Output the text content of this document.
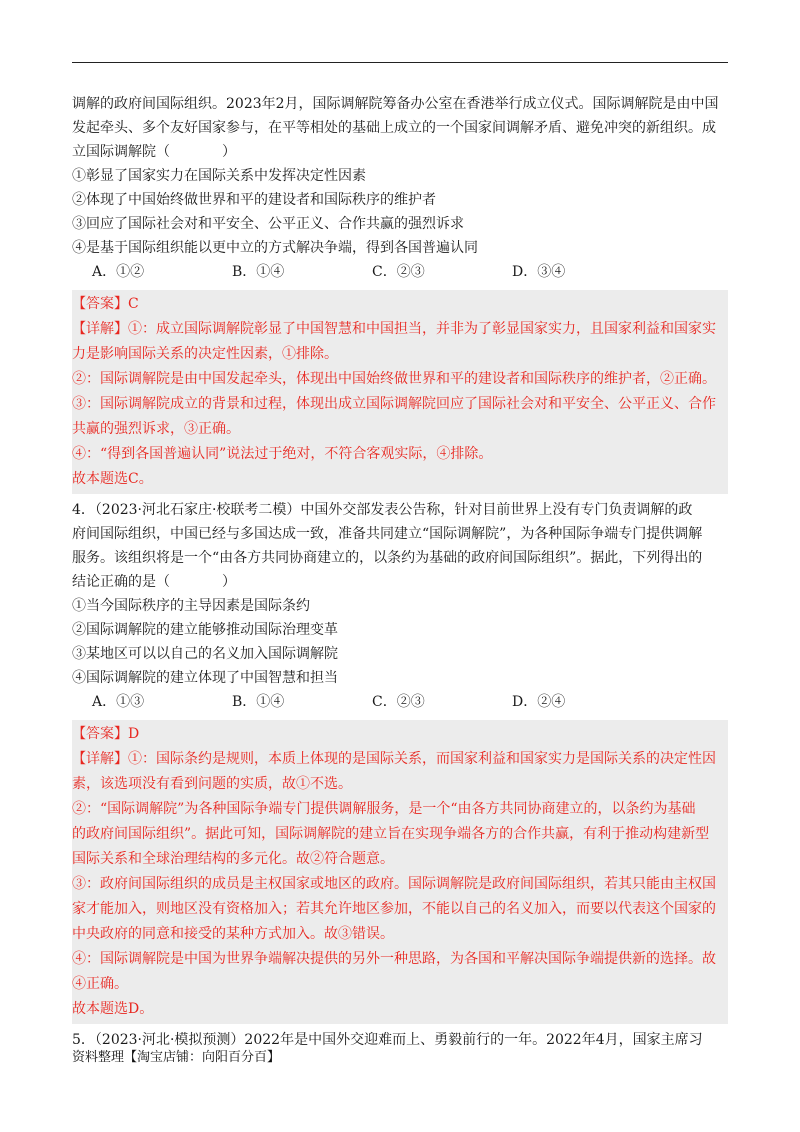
调解的政府间国际组织。2023年2月，国际调解院筹备办公室在香港举行成立仪式。国际调解院是由中国

发起牵头、多个友好国家参与，在平等相处的基础上成立的一个国家间调解矛盾、避免冲突的新组织。成

立国际调解院（	）

①彰显了国家实力在国际关系中发挥决定性因素

②体现了中国始终做世界和平的建设者和国际秩序的维护者

③回应了国际社会对和平安全、公平正义、合作共赢的强烈诉求

④是基于国际组织能以更中立的方式解决争端，得到各国普遍认同

A．①②	B．①④	C．②③	D．③④

【答案】C

【详解】①：成立国际调解院彰显了中国智慧和中国担当，并非为了彰显国家实力，且国家利益和国家实

力是影响国际关系的决定性因素，①排除。

②：国际调解院是由中国发起牵头，体现出中国始终做世界和平的建设者和国际秩序的维护者，②正确。

③：国际调解院成立的背景和过程，体现出成立国际调解院回应了国际社会对和平安全、公平正义、合作

共赢的强烈诉求，③正确。

④：“得到各国普遍认同”说法过于绝对，不符合客观实际，④排除。

故本题选C。

4．（2023·河北石家庄·校联考二模）中国外交部发表公告称，针对目前世界上没有专门负责调解的政

府间国际组织，中国已经与多国达成一致，准备共同建立“国际调解院”，为各种国际争端专门提供调解

服务。该组织将是一个“由各方共同协商建立的，以条约为基础的政府间国际组织”。据此，下列得出的

结论正确的是（	）

①当今国际秩序的主导因素是国际条约

②国际调解院的建立能够推动国际治理变革

③某地区可以以自己的名义加入国际调解院

④国际调解院的建立体现了中国智慧和担当

A．①③	B．①④	C．②③	D．②④

【答案】D

【详解】①：国际条约是规则，本质上体现的是国际关系，而国家利益和国家实力是国际关系的决定性因

素，该选项没有看到问题的实质，故①不选。

②：“国际调解院”为各种国际争端专门提供调解服务，是一个“由各方共同协商建立的，以条约为基础

的政府间国际组织”。据此可知，国际调解院的建立旨在实现争端各方的合作共赢，有利于推动构建新型

国际关系和全球治理结构的多元化。故②符合题意。

③：政府间国际组织的成员是主权国家或地区的政府。国际调解院是政府间国际组织，若其只能由主权国

家才能加入，则地区没有资格加入；若其允许地区参加，不能以自己的名义加入，而要以代表这个国家的

中央政府的同意和接受的某种方式加入。故③错误。

④：国际调解院是中国为世界争端解决提供的另外一种思路，为各国和平解决国际争端提供新的选择。故

④正确。

故本题选D。

5．（2023·河北·模拟预测）2022年是中国外交迎难而上、勇毅前行的一年。2022年4月，国家主席习

资料整理【淘宝店铺：向阳百分百】
